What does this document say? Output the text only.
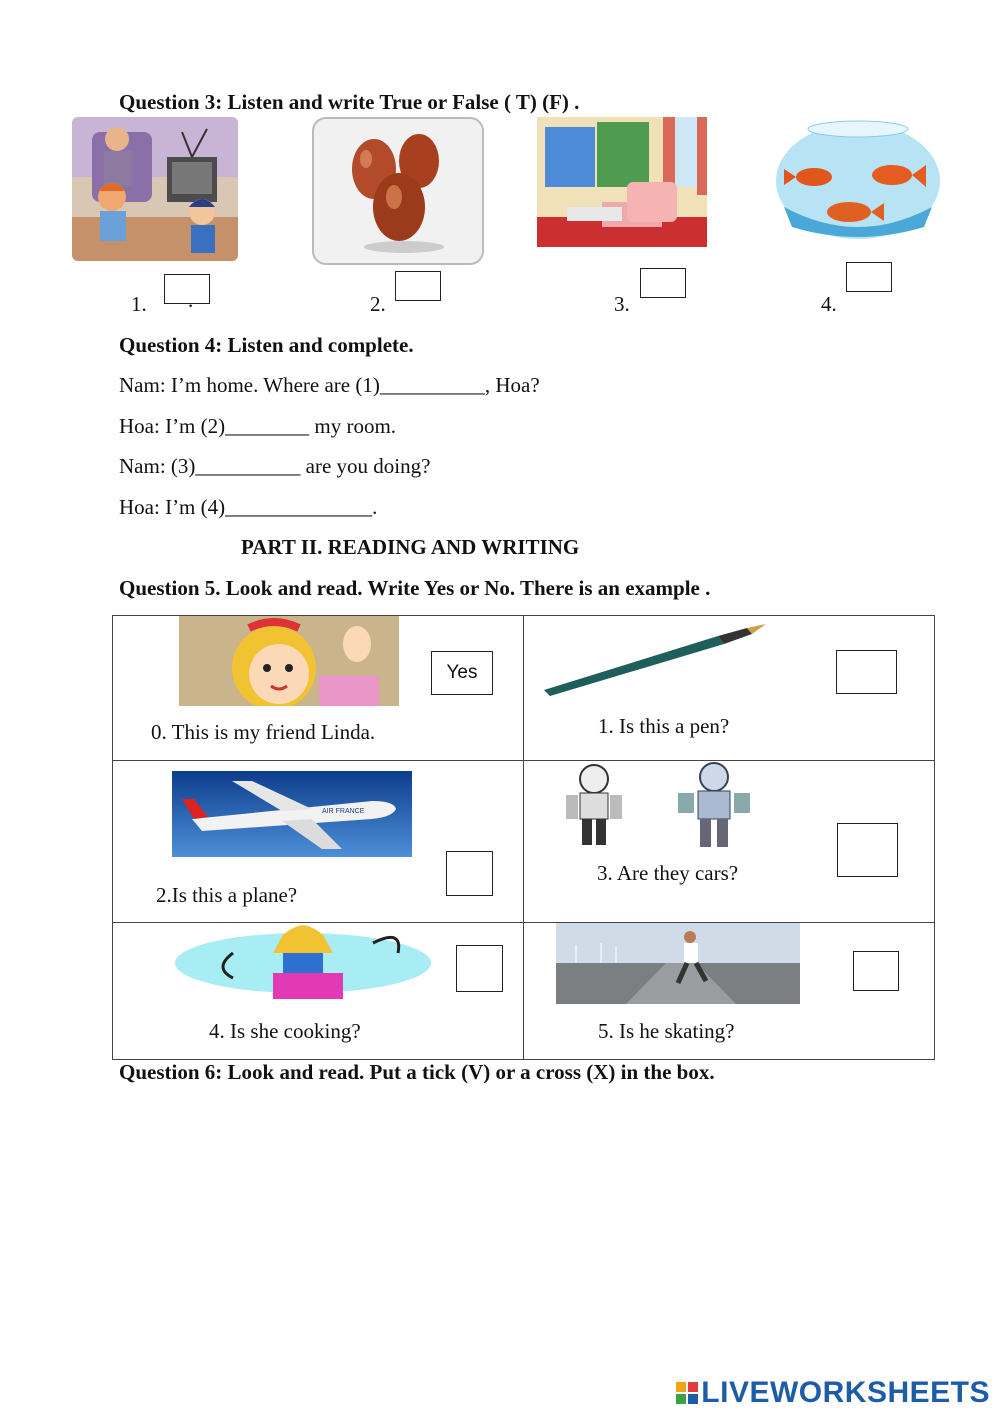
Question 3: Listen and write True or False ( T) (F) .
1.	2.	3.	4.
Question 4: Listen and complete.
Nam: I’m home. Where are (1)__________, Hoa?
Hoa: I’m (2)________ my room.
Nam: (3)__________ are you doing?
Hoa: I’m (4)______________.
PART II. READING AND WRITING
Question 5. Look and read. Write Yes or No. There is an example .
Yes
0. This is my friend Linda.	1. Is this a pen?

AIR FRANCE
2.Is this a plane?	3. Are they cars?

4. Is she cooking?	5. Is he skating?
Question 6: Look and read. Put a tick (V) or a cross (X) in the box.
LIVEWORKSHEETS
